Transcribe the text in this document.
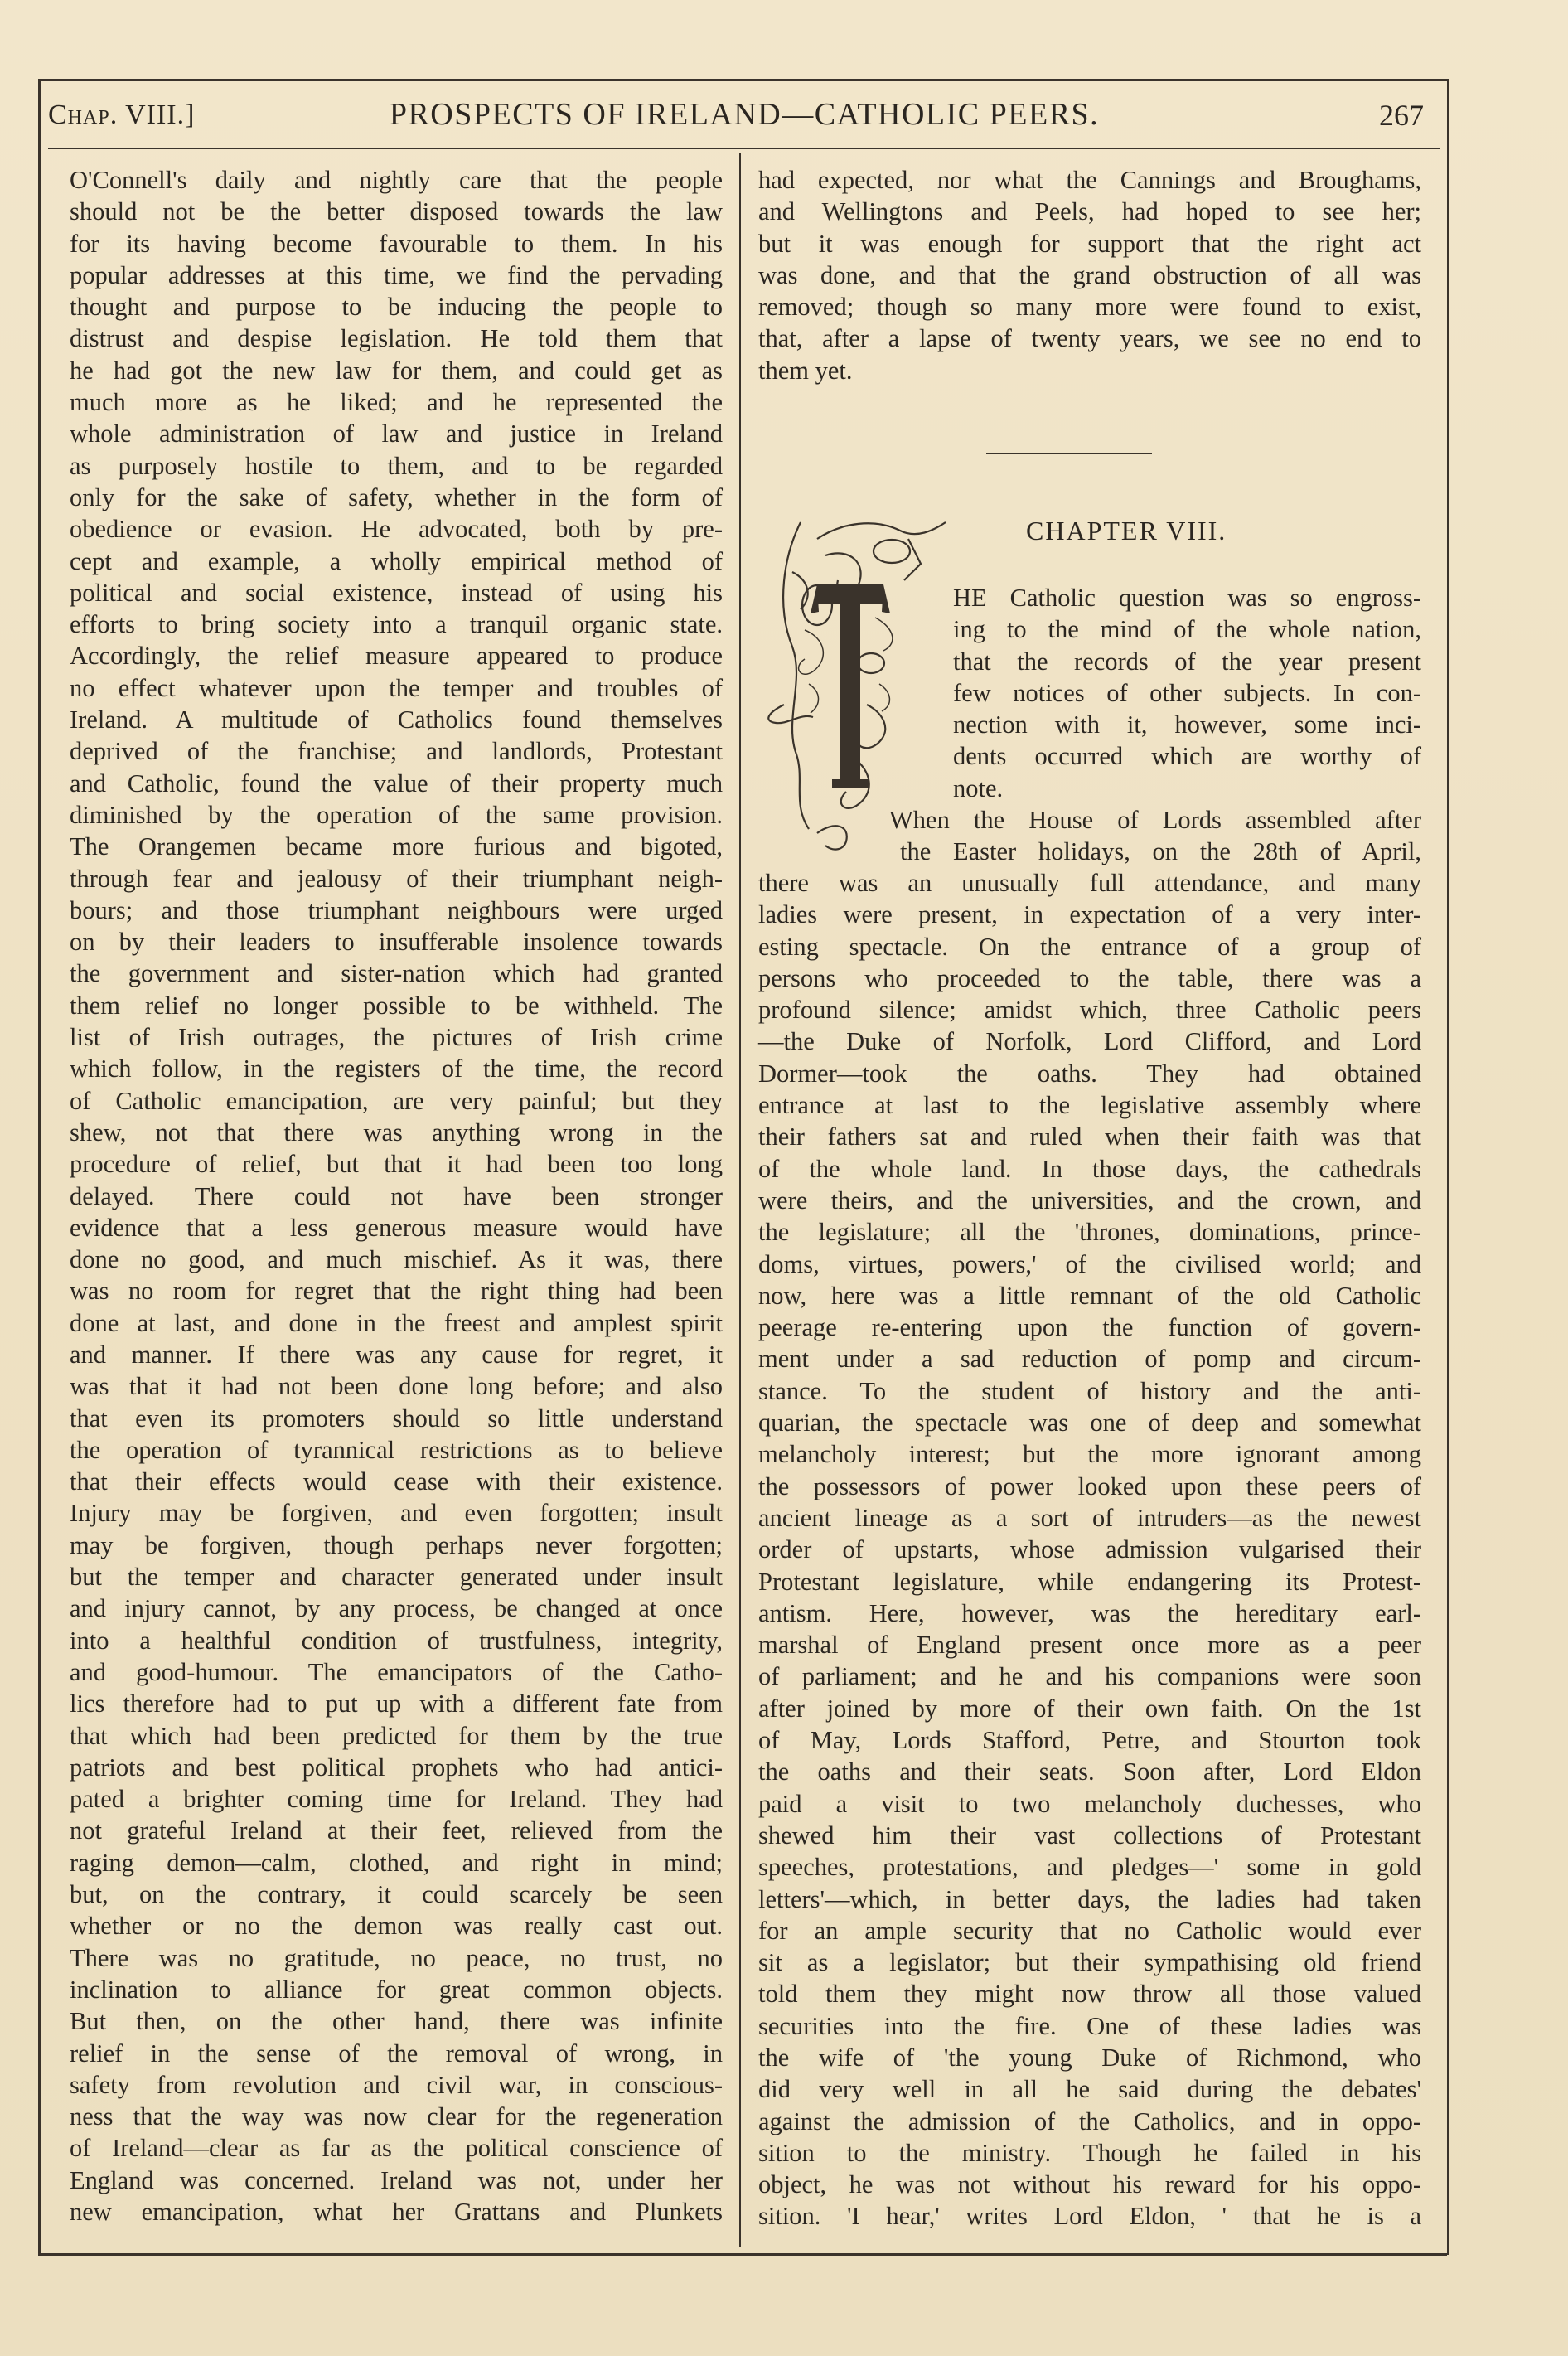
Chap. VIII.]	PROSPECTS OF IRELAND—CATHOLIC PEERS.	267
O'Connell's daily and nightly care that the people
should not be the better disposed towards the law
for its having become favourable to them. In his
popular addresses at this time, we find the pervading
thought and purpose to be inducing the people to
distrust and despise legislation. He told them that
he had got the new law for them, and could get as
much more as he liked; and he represented the
whole administration of law and justice in Ireland
as purposely hostile to them, and to be regarded
only for the sake of safety, whether in the form of
obedience or evasion. He advocated, both by pre-
cept and example, a wholly empirical method of
political and social existence, instead of using his
efforts to bring society into a tranquil organic state.
Accordingly, the relief measure appeared to produce
no effect whatever upon the temper and troubles of
Ireland. A multitude of Catholics found themselves
deprived of the franchise; and landlords, Protestant
and Catholic, found the value of their property much
diminished by the operation of the same provision.
The Orangemen became more furious and bigoted,
through fear and jealousy of their triumphant neigh-
bours; and those triumphant neighbours were urged
on by their leaders to insufferable insolence towards
the government and sister-nation which had granted
them relief no longer possible to be withheld. The
list of Irish outrages, the pictures of Irish crime
which follow, in the registers of the time, the record
of Catholic emancipation, are very painful; but they
shew, not that there was anything wrong in the
procedure of relief, but that it had been too long
delayed. There could not have been stronger
evidence that a less generous measure would have
done no good, and much mischief. As it was, there
was no room for regret that the right thing had been
done at last, and done in the freest and amplest spirit
and manner. If there was any cause for regret, it
was that it had not been done long before; and also
that even its promoters should so little understand
the operation of tyrannical restrictions as to believe
that their effects would cease with their existence.
Injury may be forgiven, and even forgotten; insult
may be forgiven, though perhaps never forgotten;
but the temper and character generated under insult
and injury cannot, by any process, be changed at once
into a healthful condition of trustfulness, integrity,
and good-humour. The emancipators of the Catho-
lics therefore had to put up with a different fate from
that which had been predicted for them by the true
patriots and best political prophets who had antici-
pated a brighter coming time for Ireland. They had
not grateful Ireland at their feet, relieved from the
raging demon—calm, clothed, and right in mind;
but, on the contrary, it could scarcely be seen
whether or no the demon was really cast out.
There was no gratitude, no peace, no trust, no
inclination to alliance for great common objects.
But then, on the other hand, there was infinite
relief in the sense of the removal of wrong, in
safety from revolution and civil war, in conscious-
ness that the way was now clear for the regeneration
of Ireland—clear as far as the political conscience of
England was concerned. Ireland was not, under her
new emancipation, what her Grattans and Plunkets
had expected, nor what the Cannings and Broughams,
and Wellingtons and Peels, had hoped to see her;
but it was enough for support that the right act
was done, and that the grand obstruction of all was
removed; though so many more were found to exist,
that, after a lapse of twenty years, we see no end to
them yet.
CHAPTER VIII.
HE Catholic question was so engross-
ing to the mind of the whole nation,
that the records of the year present
few notices of other subjects. In con-
nection with it, however, some inci-
dents occurred which are worthy of
note.
When the House of Lords assembled after
the Easter holidays, on the 28th of April,
there was an unusually full attendance, and many
ladies were present, in expectation of a very inter-
esting spectacle. On the entrance of a group of
persons who proceeded to the table, there was a
profound silence; amidst which, three Catholic peers
—the Duke of Norfolk, Lord Clifford, and Lord
Dormer—took the oaths. They had obtained
entrance at last to the legislative assembly where
their fathers sat and ruled when their faith was that
of the whole land. In those days, the cathedrals
were theirs, and the universities, and the crown, and
the legislature; all the 'thrones, dominations, prince-
doms, virtues, powers,' of the civilised world; and
now, here was a little remnant of the old Catholic
peerage re-entering upon the function of govern-
ment under a sad reduction of pomp and circum-
stance. To the student of history and the anti-
quarian, the spectacle was one of deep and somewhat
melancholy interest; but the more ignorant among
the possessors of power looked upon these peers of
ancient lineage as a sort of intruders—as the newest
order of upstarts, whose admission vulgarised their
Protestant legislature, while endangering its Protest-
antism. Here, however, was the hereditary earl-
marshal of England present once more as a peer
of parliament; and he and his companions were soon
after joined by more of their own faith. On the 1st
of May, Lords Stafford, Petre, and Stourton took
the oaths and their seats. Soon after, Lord Eldon
paid a visit to two melancholy duchesses, who
shewed him their vast collections of Protestant
speeches, protestations, and pledges—' some in gold
letters'—which, in better days, the ladies had taken
for an ample security that no Catholic would ever
sit as a legislator; but their sympathising old friend
told them they might now throw all those valued
securities into the fire. One of these ladies was
the wife of 'the young Duke of Richmond, who
did very well in all he said during the debates'
against the admission of the Catholics, and in oppo-
sition to the ministry. Though he failed in his
object, he was not without his reward for his oppo-
sition. 'I hear,' writes Lord Eldon, ' that he is a
